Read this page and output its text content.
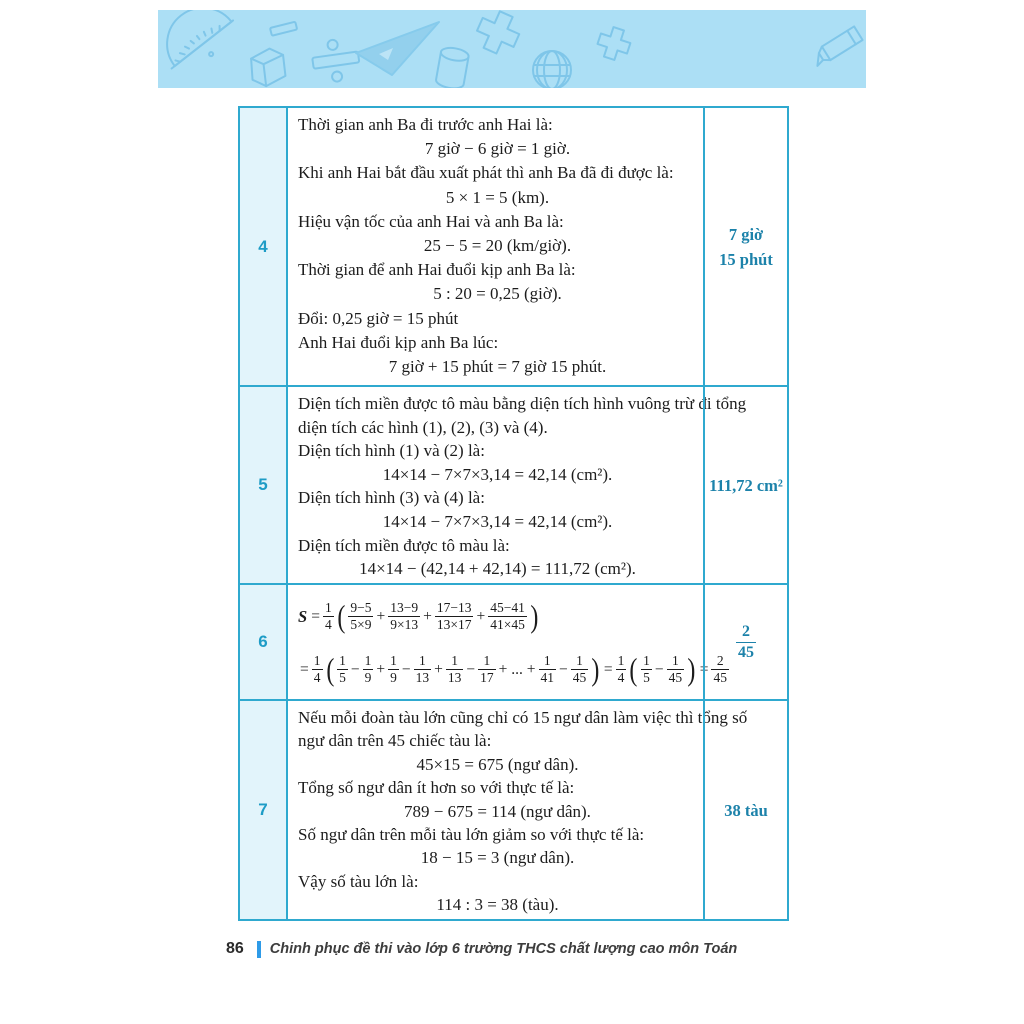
4
Thời gian anh Ba đi trước anh Hai là:
7 giờ − 6 giờ = 1 giờ.
Khi anh Hai bắt đầu xuất phát thì anh Ba đã đi được là:
5 × 1 = 5 (km).
Hiệu vận tốc của anh Hai và anh Ba là:
25 − 5 = 20 (km/giờ).
Thời gian để anh Hai đuổi kịp anh Ba là:
5 : 20 = 0,25 (giờ).
Đổi: 0,25 giờ = 15 phút
Anh Hai đuổi kịp anh Ba lúc:
7 giờ + 15 phút = 7 giờ 15 phút.
7 giờ
15 phút
5
Diện tích miền được tô màu bằng diện tích hình vuông trừ đi tổng
diện tích các hình (1), (2), (3) và (4).
Diện tích hình (1) và (2) là:
14×14 − 7×7×3,14 = 42,14 (cm²).
Diện tích hình (3) và (4) là:
14×14 − 7×7×3,14 = 42,14 (cm²).
Diện tích miền được tô màu là:
14×14 − (42,14 + 42,14) = 111,72 (cm²).
111,72 cm²
6
$S = \frac{1}{4}$ ( $\frac{9-5}{5\times 9} + \frac{13-9}{9\times 13} + \frac{17-13}{13\times 17} + \frac{45-41}{41\times 45}$ )
= $\frac{1}{4}$ ( $\frac{1}{5} - \frac{1}{9} + \frac{1}{9} - \frac{1}{13} + \frac{1}{13} - \frac{1}{17}$ + ... + $\frac{1}{41} - \frac{1}{45}$ ) = $\frac{1}{4}$ ( $\frac{1}{5} - \frac{1}{45}$ ) = $\frac{2}{45}$
$\frac{2}{45}$
7
Nếu mỗi đoàn tàu lớn cũng chỉ có 15 ngư dân làm việc thì tổng số
ngư dân trên 45 chiếc tàu là:
45×15 = 675 (ngư dân).
Tổng số ngư dân ít hơn so với thực tế là:
789 − 675 = 114 (ngư dân).
Số ngư dân trên mỗi tàu lớn giảm so với thực tế là:
18 − 15 = 3 (ngư dân).
Vậy số tàu lớn là:
114 : 3 = 38 (tàu).
38 tàu
86 Chinh phục đề thi vào lớp 6 trường THCS chất lượng cao môn Toán
